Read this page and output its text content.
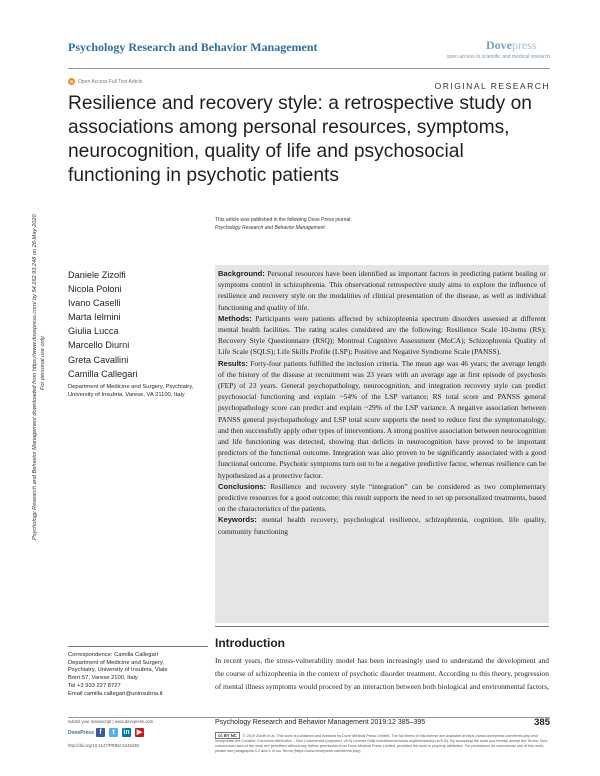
Psychology Research and Behavior Management	Dovepress
open access to scientific and medical research
a	Open Access Full Text Article	ORIGINAL RESEARCH
Resilience and recovery style: a retrospective study on associations among personal resources, symptoms, neurocognition, quality of life and psychosocial functioning in psychotic patients
This article was published in the following Dove Press journal:
Psychology Research and Behavior Management
Psychology Research and Behavior Management downloaded from https://www.dovepress.com/ by 54.162.93.248 on 26-May-2020 For personal use only.
Daniele Zizolfi
Nicola Poloni
Ivano Caselli
Marta Ielmini
Giulia Lucca
Marcello Diurni
Greta Cavallini
Camilla Callegari
Department of Medicine and Surgery, Psychiatry, University of Insubria, Varese, VA 21100, Italy

Background: Personal resources have been identified as important factors in predicting patient healing or symptoms control in schizophrenia. This observational retrospective study aims to explore the influence of resilience and recovery style on the modalities of clinical presentation of the disease, as well as individual functioning and quality of life.

Methods: Participants were patients affected by schizophrenia spectrum disorders assessed at different mental health facilities. The rating scales considered are the following: Resilience Scale 10-items (RS); Recovery Style Questionnaire (RSQ); Montreal Cognitive Assessment (MoCA); Schizophrenia Quality of Life Scale (SQLS); Life Skills Profile (LSP); Positive and Negative Syndrome Scale (PANSS).

Results: Forty-four patients fulfilled the inclusion criteria. The mean age was 46 years; the average length of the history of the disease at recruitment was 23 years with an average age at first episode of psychosis (FEP) of 23 years. General psychopathology, neurocognition, and integration recovery style can predict psychosocial functioning and explain ~54% of the LSP variance; RS total score and PANSS general psychopathology score can predict and explain ~29% of the LSP variance. A negative association between PANSS general psychopathology and LSP total score supports the need to reduce first the symptomatology, and then successfully apply other types of interventions. A strong positive association between neurocognition and life functioning was detected, showing that deficits in neurocognition have proved to be important predictors of the functional outcome. Integration was also proven to be significantly associated with a good functional outcome. Psychotic symptoms turn out to be a negative predictive factor, whereas resilience can be hypothesized as a protective factor.

Conclusions: Resilience and recovery style “integration” can be considered as two complementary predictive resources for a good outcome; this result supports the need to set up personalized treatments, based on the characteristics of the patients.

Keywords: mental health recovery, psychological resilience, schizophrenia, cognition, life quality, community functioning

Correspondence: Camilla Callegari
Department of Medicine and Surgery,
Psychiatry, University of Insubria, Viale
Borri 57, Varese 2100, Italy
Tel +3 933 227 8727
Email camilla.callegari@uninsubria.it
Introduction
In recent years, the stress-vulnerability model has been increasingly used to understand the development and the course of schizophrenia in the context of psychotic disorder treatment. According to this theory, progression of mental illness symptoms would proceed by an interaction between both biological and environmental factors,
submit your manuscript | www.dovepress.com
DovePress f	t	in ▶
http://doi.org/10.2147/PRBM.S245438
Psychology Research and Behavior Management 2019:12 385–395	385
cc BY NC © 2019 Zizolfi et al. This work is published and licensed by Dove Medical Press Limited. The full terms of this license are available at https://www.dovepress.com/terms.php and incorporate the Creative Commons Attribution – Non Commercial (unported, v3.0) License (http://creativecommons.org/licenses/by-nc/3.0/). By accessing the work you hereby accept the Terms. Non-commercial uses of the work are permitted without any further permission from Dove Medical Press Limited, provided the work is properly attributed. For permission for commercial use of this work, please see paragraphs 4.2 and 5 of our Terms (https://www.dovepress.com/terms.php).
